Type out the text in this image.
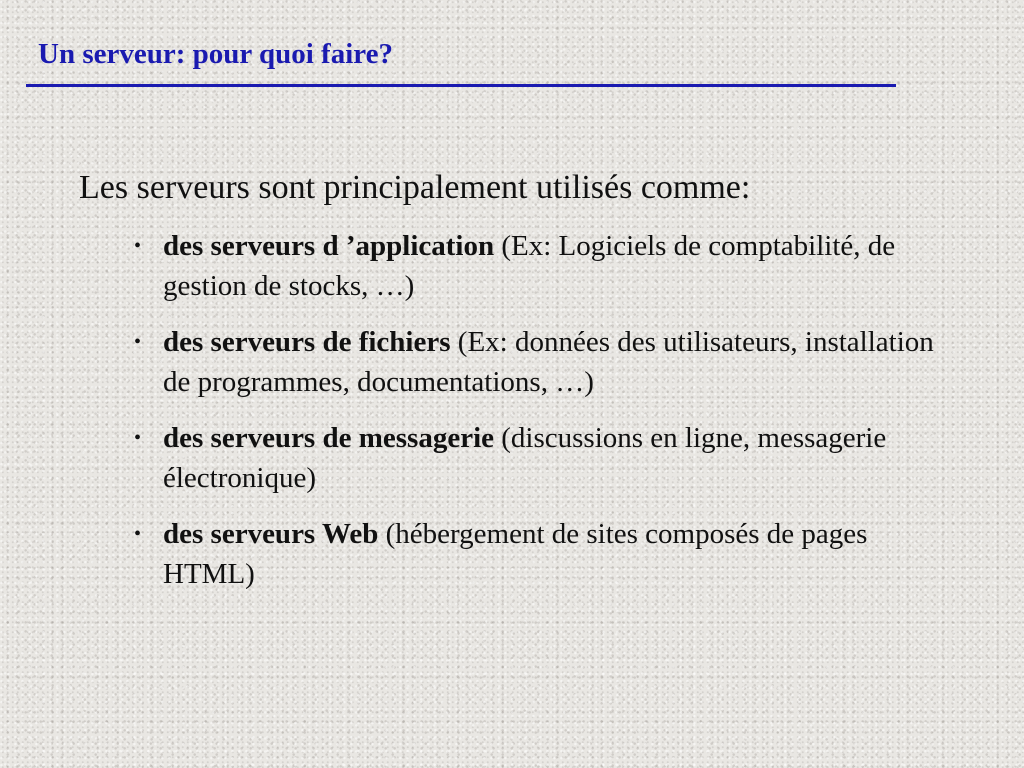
Un serveur: pour quoi faire?

Les serveurs sont principalement utilisés comme:

• des serveurs d ’application (Ex: Logiciels de comptabilité, de gestion de stocks, …)
• des serveurs de fichiers (Ex: données des utilisateurs, installation de programmes, documentations, …)
• des serveurs de messagerie (discussions en ligne, messagerie électronique)
• des serveurs Web (hébergement de sites composés de pages HTML)
